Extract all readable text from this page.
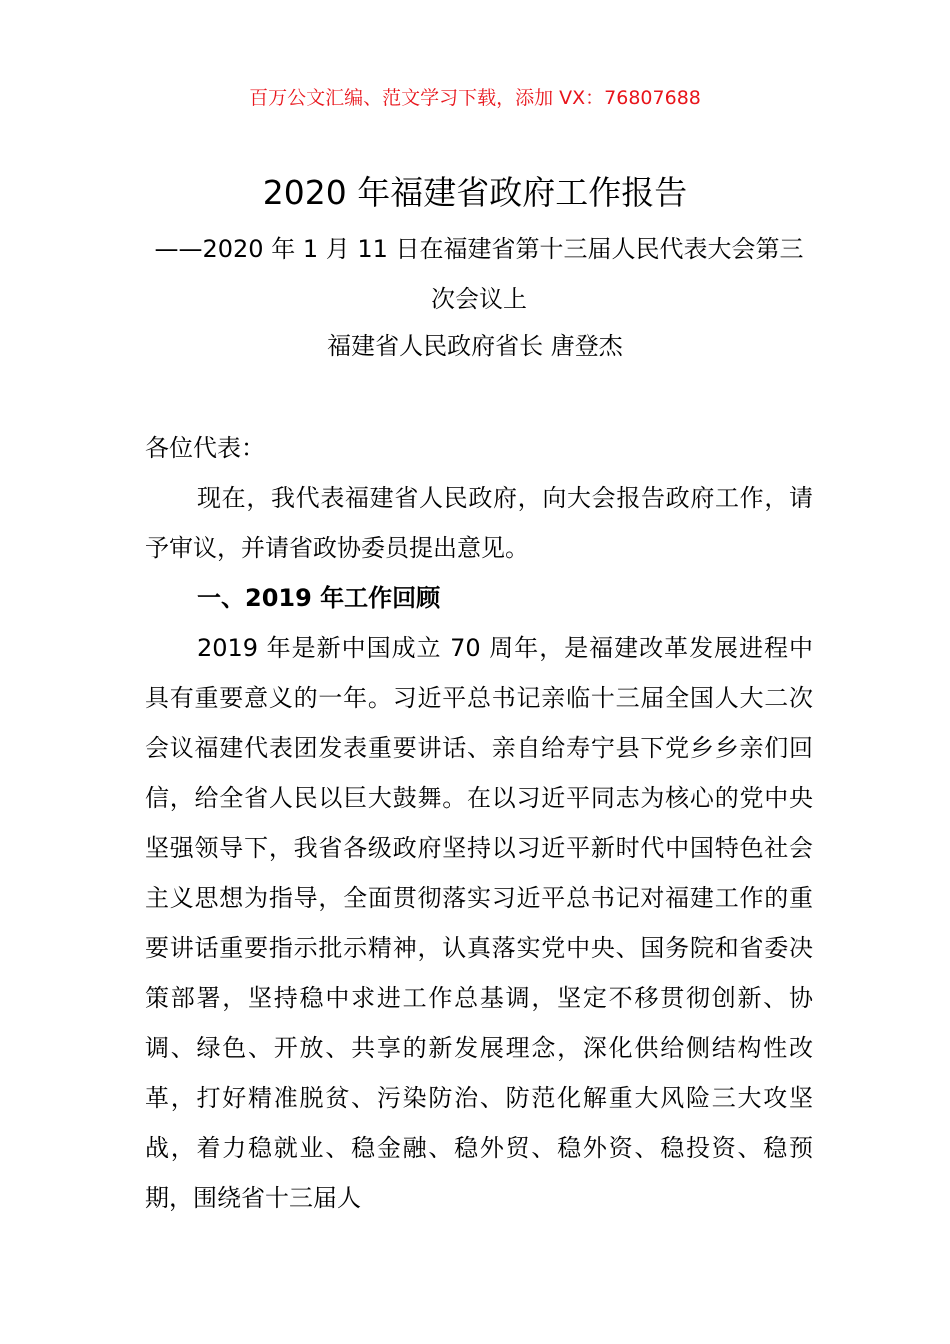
百万公文汇编、范文学习下载，添加 VX：76807688
2020 年福建省政府工作报告
——2020 年 1 月 11 日在福建省第十三届人民代表大会第三次会议上
福建省人民政府省长 唐登杰

各位代表：

现在，我代表福建省人民政府，向大会报告政府工作，请予审议，并请省政协委员提出意见。

一、2019 年工作回顾

2019 年是新中国成立 70 周年，是福建改革发展进程中具有重要意义的一年。习近平总书记亲临十三届全国人大二次会议福建代表团发表重要讲话、亲自给寿宁县下党乡乡亲们回信，给全省人民以巨大鼓舞。在以习近平同志为核心的党中央坚强领导下，我省各级政府坚持以习近平新时代中国特色社会主义思想为指导，全面贯彻落实习近平总书记对福建工作的重要讲话重要指示批示精神，认真落实党中央、国务院和省委决策部署，坚持稳中求进工作总基调，坚定不移贯彻创新、协调、绿色、开放、共享的新发展理念，深化供给侧结构性改革，打好精准脱贫、污染防治、防范化解重大风险三大攻坚战，着力稳就业、稳金融、稳外贸、稳外资、稳投资、稳预期，围绕省十三届人
